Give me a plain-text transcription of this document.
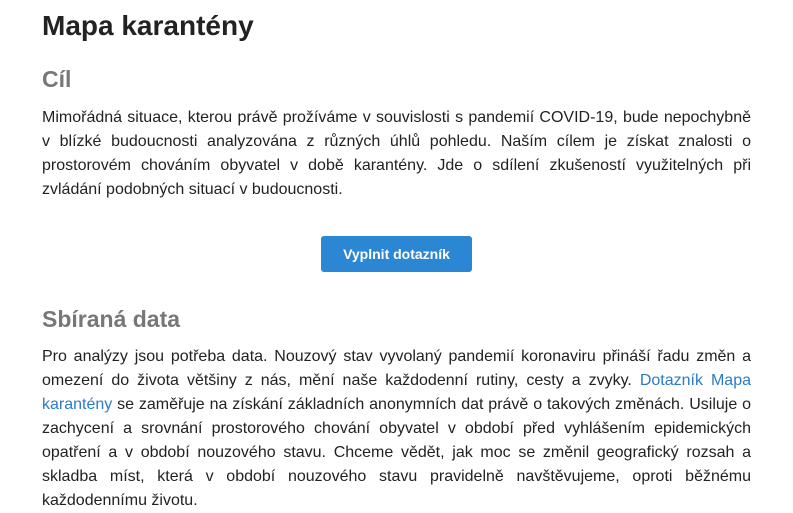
Mapa karantény
Cíl

Mimořádná situace, kterou právě prožíváme v souvislosti s pandemií COVID-19, bude nepochybně v blízké budoucnosti analyzována z různých úhlů pohledu. Naším cílem je získat znalosti o prostorovém chováním obyvatel v době karantény. Jde o sdílení zkušeností využitelných při zvládání podobných situací v budoucnosti.

Vyplnit dotazník
Sbíraná data

Pro analýzy jsou potřeba data. Nouzový stav vyvolaný pandemií koronaviru přináší řadu změn a omezení do života většiny z nás, mění naše každodenní rutiny, cesty a zvyky. Dotazník Mapa karantény se zaměřuje na získání základních anonymních dat právě o takových změnách. Usiluje o zachycení a srovnání prostorového chování obyvatel v období před vyhlášením epidemických opatření a v období nouzového stavu. Chceme vědět, jak moc se změnil geografický rozsah a skladba míst, která v období nouzového stavu pravidelně navštěvujeme, oproti běžnému každodennímu životu.
